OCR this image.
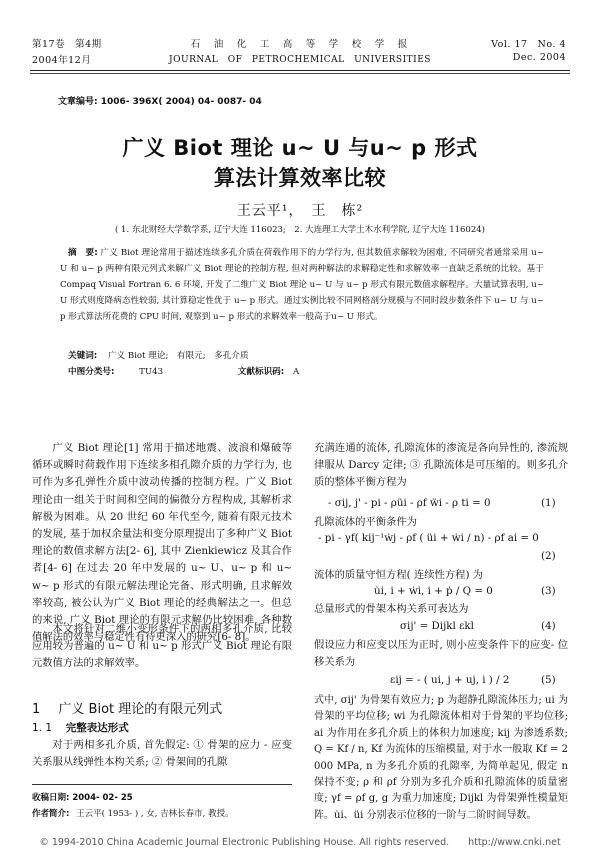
第17卷　第4期
2004年12月
石　油　化　工　高　等　学　校　学　报
JOURNAL　OF　PETROCHEMICAL　UNIVERSITIES
Vol. 17　No. 4
Dec. 2004
文章编号: 1006- 396X( 2004) 04- 0087- 04
广义 Biot 理论 u~ U 与u~ p 形式
算法计算效率比较
王云平¹，　王　栋²
( 1. 东北财经大学数学系, 辽宁大连 116023;　2. 大连理工大学土木水利学院, 辽宁大连 116024)
摘　要: 广义 Biot 理论常用于描述连续多孔介质在荷载作用下的力学行为, 但其数值求解较为困难, 不同研究者通常采用 u~ U 和 u~ p 两种有限元列式来解广义 Biot 理论的控制方程, 但对两种解法的求解稳定性和求解效率一直缺乏系统的比较。基于 Compaq Visual Fortran 6. 6 环境, 开发了二维广义 Biot 理论 u~ U 与 u~ p 形式有限元数值求解程序。大量试算表明, u~ U 形式则度降病态性较弱, 其计算稳定性优于 u~ p 形式。通过实例比较不同网格剖分规模与不同时段步数条件下 u~ U 与 u~ p 形式算法所花费的 CPU 时间, 观察到 u~ p 形式的求解效率一般高于u~ U 形式。
关键词: 广义 Biot 理论;　有限元;　多孔介质
中图分类号:	TU43	文献标识码: A
广义 Biot 理论[1] 常用于描述地震、波浪和爆破等循环或瞬时荷载作用下连续多相孔隙介质的力学行为, 也可作为多孔弹性介质中波动传播的控制方程。广义 Biot 理论由一组关于时间和空间的偏微分方程构成, 其解析求解极为困难。从 20 世纪 60 年代至今, 随着有限元技术的发展, 基于加权余量法和变分原理提出了多种广义 Biot 理论的数值求解方法[2- 6], 其中 Zienkiewicz 及其合作者[4- 6] 在过去 20 年中发展的 u~ U、u~ p 和 u~ w~ p 形式的有限元解法理论完备、形式明确, 且求解效率较高, 被公认为广义 Biot 理论的经典解法之一。但总的来说, 广义 Biot 理论的有限元求解仍比较困难, 各种数值解法的效率与稳定性有待更深入的研究[6- 8]。
本文将针对二维小变形条件下的两相多孔介质, 比较应用较为普遍的 u~ U 和 u~ p 形式广义 Biot 理论有限元数值方法的求解效率。
1 广义 Biot 理论的有限元列式
1. 1 完整表达形式
对于两相多孔介质, 首先假定: ① 骨架的应力 - 应变关系服从线弹性本构关系; ② 骨架间的孔隙
收稿日期: 2004- 02- 25
作者简介: 王云平( 1953- ) , 女, 吉林长春市, 教授。
充满连通的流体, 孔隙流体的渗流是各向异性的, 渗流规律服从 Darcy 定律; ③ 孔隙流体是可压缩的。则多孔介质的整体平衡方程为
- σij, j' - pi - ρüi - ρf ẅi - ρ ti = 0	(1)
孔隙流体的平衡条件为
- pi - γf( kij⁻¹ẇj - ρf ( üi + ẇi / n) - ρf ai = 0
(2)
流体的质量守恒方程( 连续性方程) 为
u̇i, i + ẇi, i + ṗ / Q = 0	(3)
总量形式的骨架本构关系可表达为
σij' = Dijkl εkl	(4)
假设应力和应变以压为正时, 则小应变条件下的应变- 位移关系为
εij = - ( ui, j + uj, i ) / 2	(5)
式中, σij' 为骨架有效应力; p 为超静孔隙流体压力; ui 为骨架的平均位移; wi 为孔隙流体相对于骨架的平均位移; ai 为作用在多孔介质上的体积力加速度; kij 为渗透系数; Q = Kf / n, Kf 为流体的压缩模量, 对于水一般取 Kf = 2 000 MPa, n 为多孔介质的孔隙率, 为简单起见, 假定 n 保持不变; ρ 和 ρf 分别为多孔介质和孔隙流体的质量密度; γf = ρf g, g 为重力加速度; Dijkl 为骨架弹性模量矩阵。u̇i、üi 分别表示位移的一阶与二阶时间导数。
© 1994-2010 China Academic Journal Electronic Publishing House. All rights reserved.　　http://www.cnki.net
